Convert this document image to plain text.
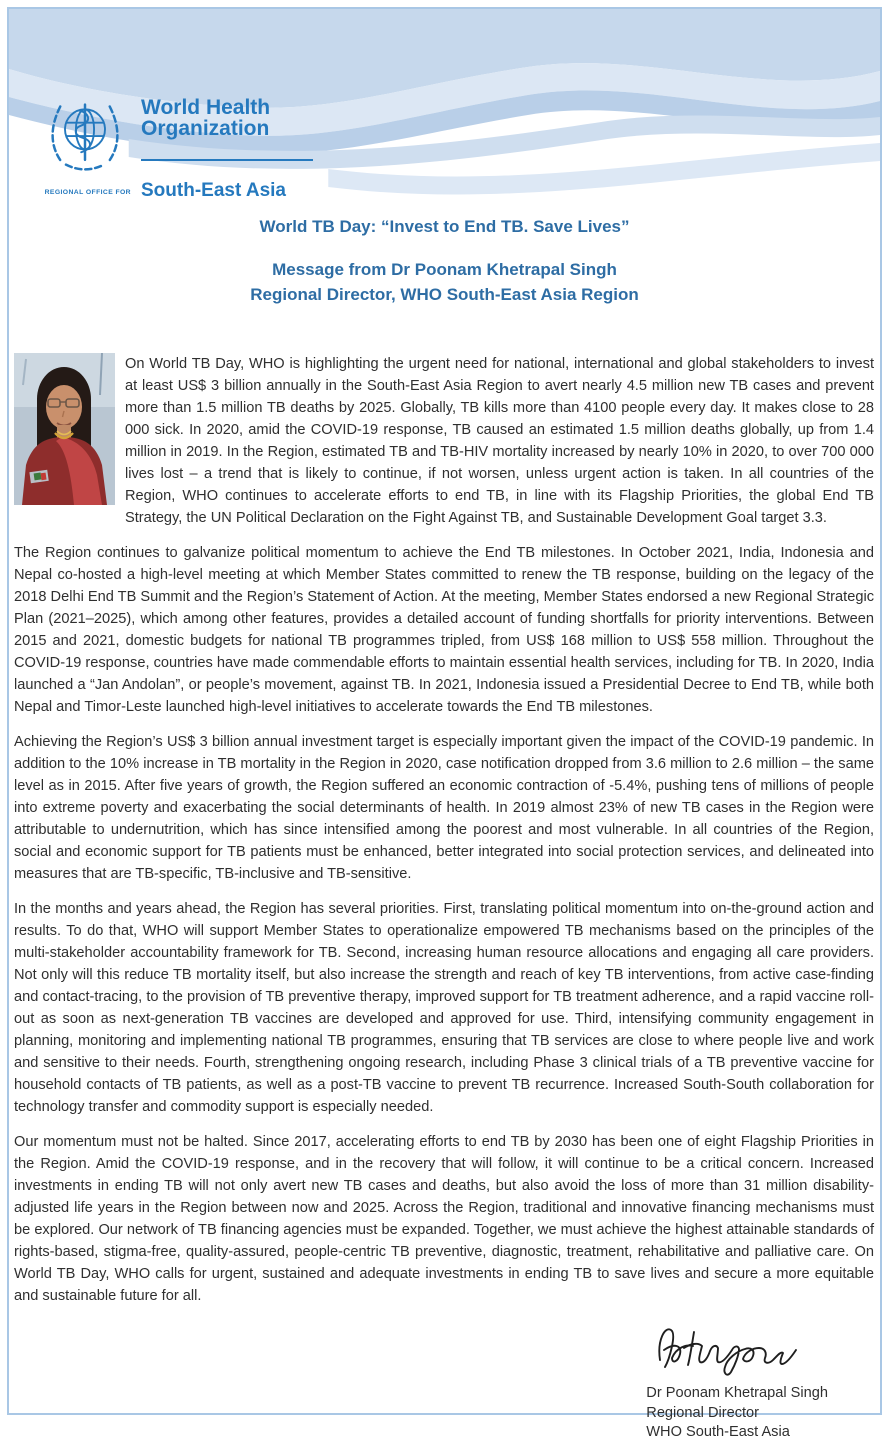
World Health
Organization
REGIONAL OFFICE FOR South-East Asia
World TB Day: “Invest to End TB. Save Lives”
Message from Dr Poonam Khetrapal Singh
Regional Director, WHO South-East Asia Region

On World TB Day, WHO is highlighting the urgent need for national, international and global stakeholders to invest at least US$ 3 billion annually in the South-East Asia Region to avert nearly 4.5 million new TB cases and prevent more than 1.5 million TB deaths by 2025. Globally, TB kills more than 4100 people every day. It makes close to 28 000 sick. In 2020, amid the COVID-19 response, TB caused an estimated 1.5 million deaths globally, up from 1.4 million in 2019. In the Region, estimated TB and TB-HIV mortality increased by nearly 10% in 2020, to over 700 000 lives lost – a trend that is likely to continue, if not worsen, unless urgent action is taken. In all countries of the Region, WHO continues to accelerate efforts to end TB, in line with its Flagship Priorities, the global End TB Strategy, the UN Political Declaration on the Fight Against TB, and Sustainable Development Goal target 3.3.

The Region continues to galvanize political momentum to achieve the End TB milestones. In October 2021, India, Indonesia and Nepal co-hosted a high-level meeting at which Member States committed to renew the TB response, building on the legacy of the 2018 Delhi End TB Summit and the Region’s Statement of Action. At the meeting, Member States endorsed a new Regional Strategic Plan (2021–2025), which among other features, provides a detailed account of funding shortfalls for priority interventions. Between 2015 and 2021, domestic budgets for national TB programmes tripled, from US$ 168 million to US$ 558 million. Throughout the COVID-19 response, countries have made commendable efforts to maintain essential health services, including for TB. In 2020, India launched a “Jan Andolan”, or people’s movement, against TB. In 2021, Indonesia issued a Presidential Decree to End TB, while both Nepal and Timor-Leste launched high-level initiatives to accelerate towards the End TB milestones.

Achieving the Region’s US$ 3 billion annual investment target is especially important given the impact of the COVID-19 pandemic. In addition to the 10% increase in TB mortality in the Region in 2020, case notification dropped from 3.6 million to 2.6 million – the same level as in 2015. After five years of growth, the Region suffered an economic contraction of -5.4%, pushing tens of millions of people into extreme poverty and exacerbating the social determinants of health. In 2019 almost 23% of new TB cases in the Region were attributable to undernutrition, which has since intensified among the poorest and most vulnerable. In all countries of the Region, social and economic support for TB patients must be enhanced, better integrated into social protection services, and delineated into measures that are TB-specific, TB-inclusive and TB-sensitive.

In the months and years ahead, the Region has several priorities. First, translating political momentum into on-the-ground action and results. To do that, WHO will support Member States to operationalize empowered TB mechanisms based on the principles of the multi-stakeholder accountability framework for TB. Second, increasing human resource allocations and engaging all care providers. Not only will this reduce TB mortality itself, but also increase the strength and reach of key TB interventions, from active case-finding and contact-tracing, to the provision of TB preventive therapy, improved support for TB treatment adherence, and a rapid vaccine roll-out as soon as next-generation TB vaccines are developed and approved for use. Third, intensifying community engagement in planning, monitoring and implementing national TB programmes, ensuring that TB services are close to where people live and work and sensitive to their needs. Fourth, strengthening ongoing research, including Phase 3 clinical trials of a TB preventive vaccine for household contacts of TB patients, as well as a post-TB vaccine to prevent TB recurrence. Increased South-South collaboration for technology transfer and commodity support is especially needed.

Our momentum must not be halted. Since 2017, accelerating efforts to end TB by 2030 has been one of eight Flagship Priorities in the Region. Amid the COVID-19 response, and in the recovery that will follow, it will continue to be a critical concern. Increased investments in ending TB will not only avert new TB cases and deaths, but also avoid the loss of more than 31 million disability-adjusted life years in the Region between now and 2025. Across the Region, traditional and innovative financing mechanisms must be explored. Our network of TB financing agencies must be expanded. Together, we must achieve the highest attainable standards of rights-based, stigma-free, quality-assured, people-centric TB preventive, diagnostic, treatment, rehabilitative and palliative care. On World TB Day, WHO calls for urgent, sustained and adequate investments in ending TB to save lives and secure a more equitable and sustainable future for all.

Dr Poonam Khetrapal Singh
Regional Director
WHO South-East Asia
